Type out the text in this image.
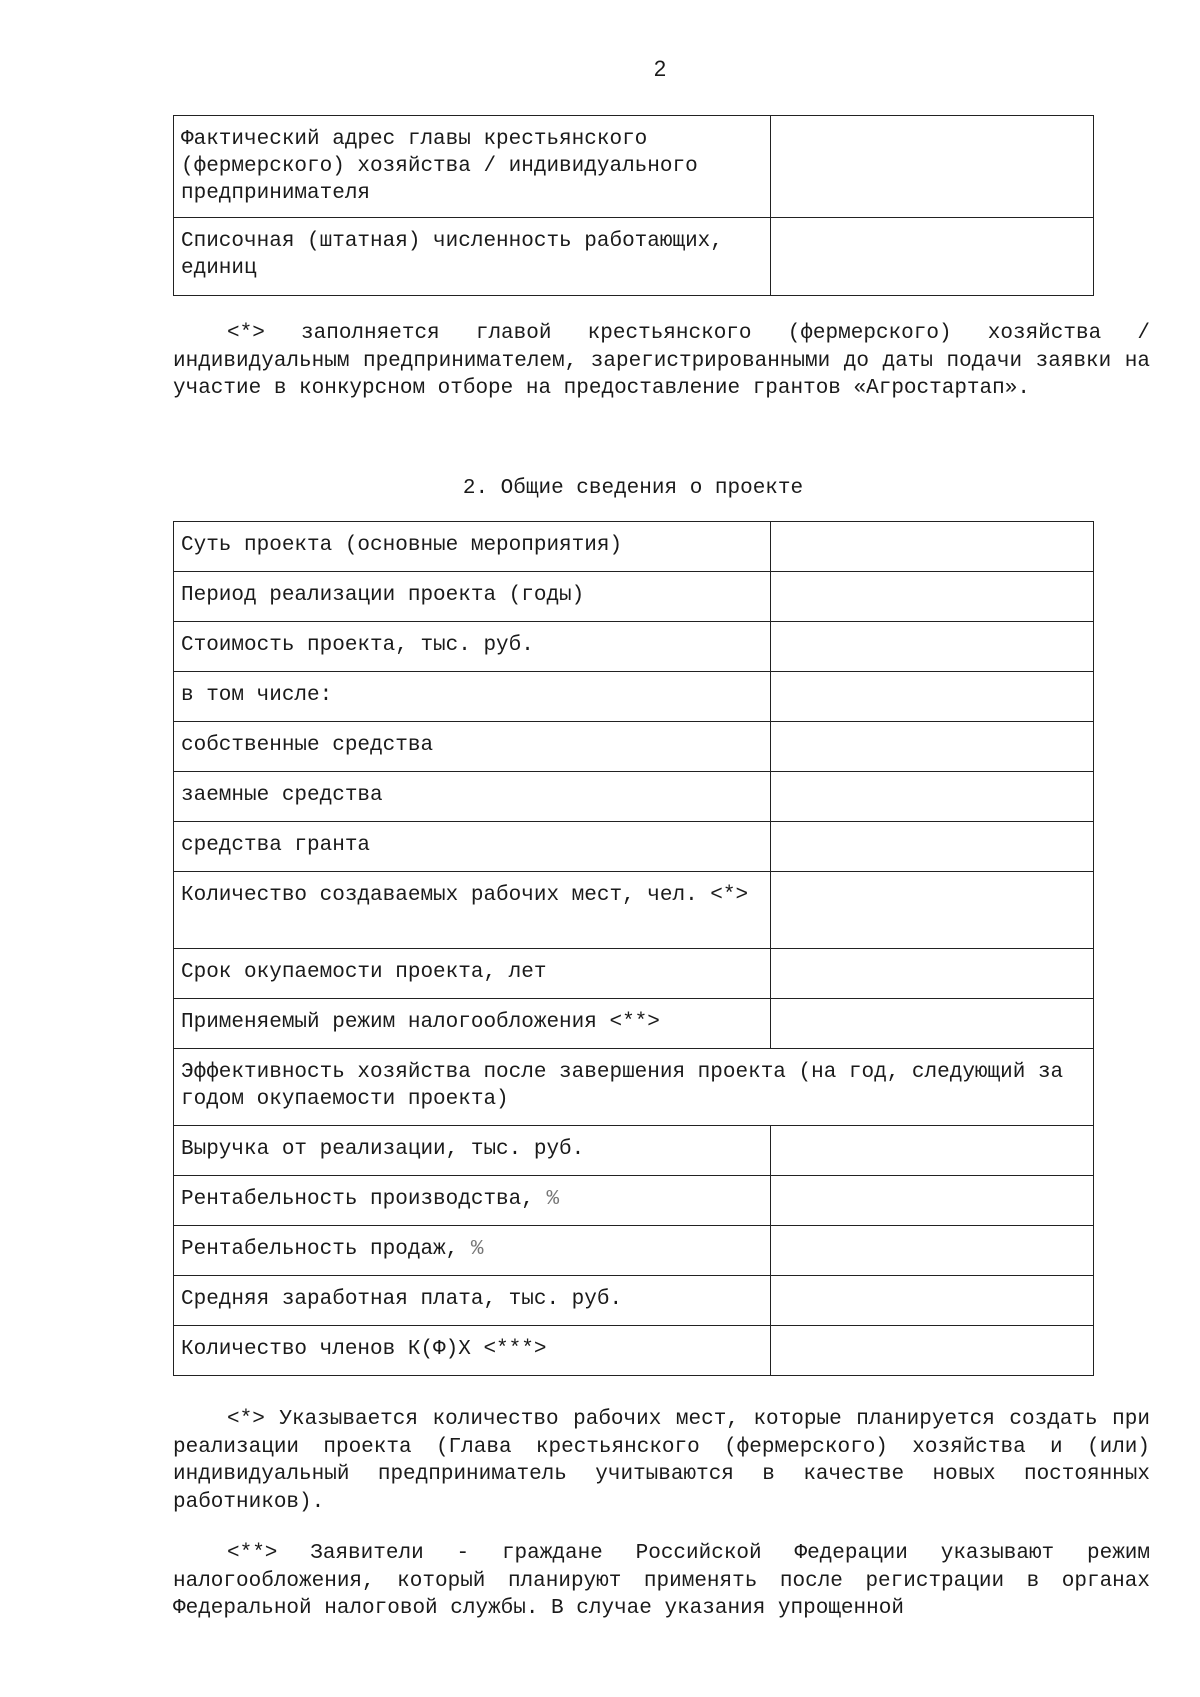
2
Фактический адрес главы крестьянского (фермерского) хозяйства / индивидуального предпринимателя	
Списочная (штатная) численность работающих, единиц	

<*> заполняется главой крестьянского (фермерского) хозяйства / индивидуальным предпринимателем, зарегистрированными до даты подачи заявки на участие в конкурсном отборе на предоставление грантов «Агростартап».

2. Общие сведения о проекте
Суть проекта (основные мероприятия)	
Период реализации проекта (годы)	
Стоимость проекта, тыс. руб.	
в том числе:	
собственные средства	
заемные средства	
средства гранта	
Количество создаваемых рабочих мест, чел. <*>	
Срок окупаемости проекта, лет	
Применяемый режим налогообложения <**>	
Эффективность хозяйства после завершения проекта (на год, следующий за годом окупаемости проекта)	
Выручка от реализации, тыс. руб.	
Рентабельность производства, %	
Рентабельность продаж, %	
Средняя заработная плата, тыс. руб.	
Количество членов К(Ф)Х <***>	

<*> Указывается количество рабочих мест, которые планируется создать при реализации проекта (Глава крестьянского (фермерского) хозяйства и (или) индивидуальный предприниматель учитываются в качестве новых постоянных работников).

<**> Заявители - граждане Российской Федерации указывают режим налогообложения, который планируют применять после регистрации в органах Федеральной налоговой службы. В случае указания упрощенной
